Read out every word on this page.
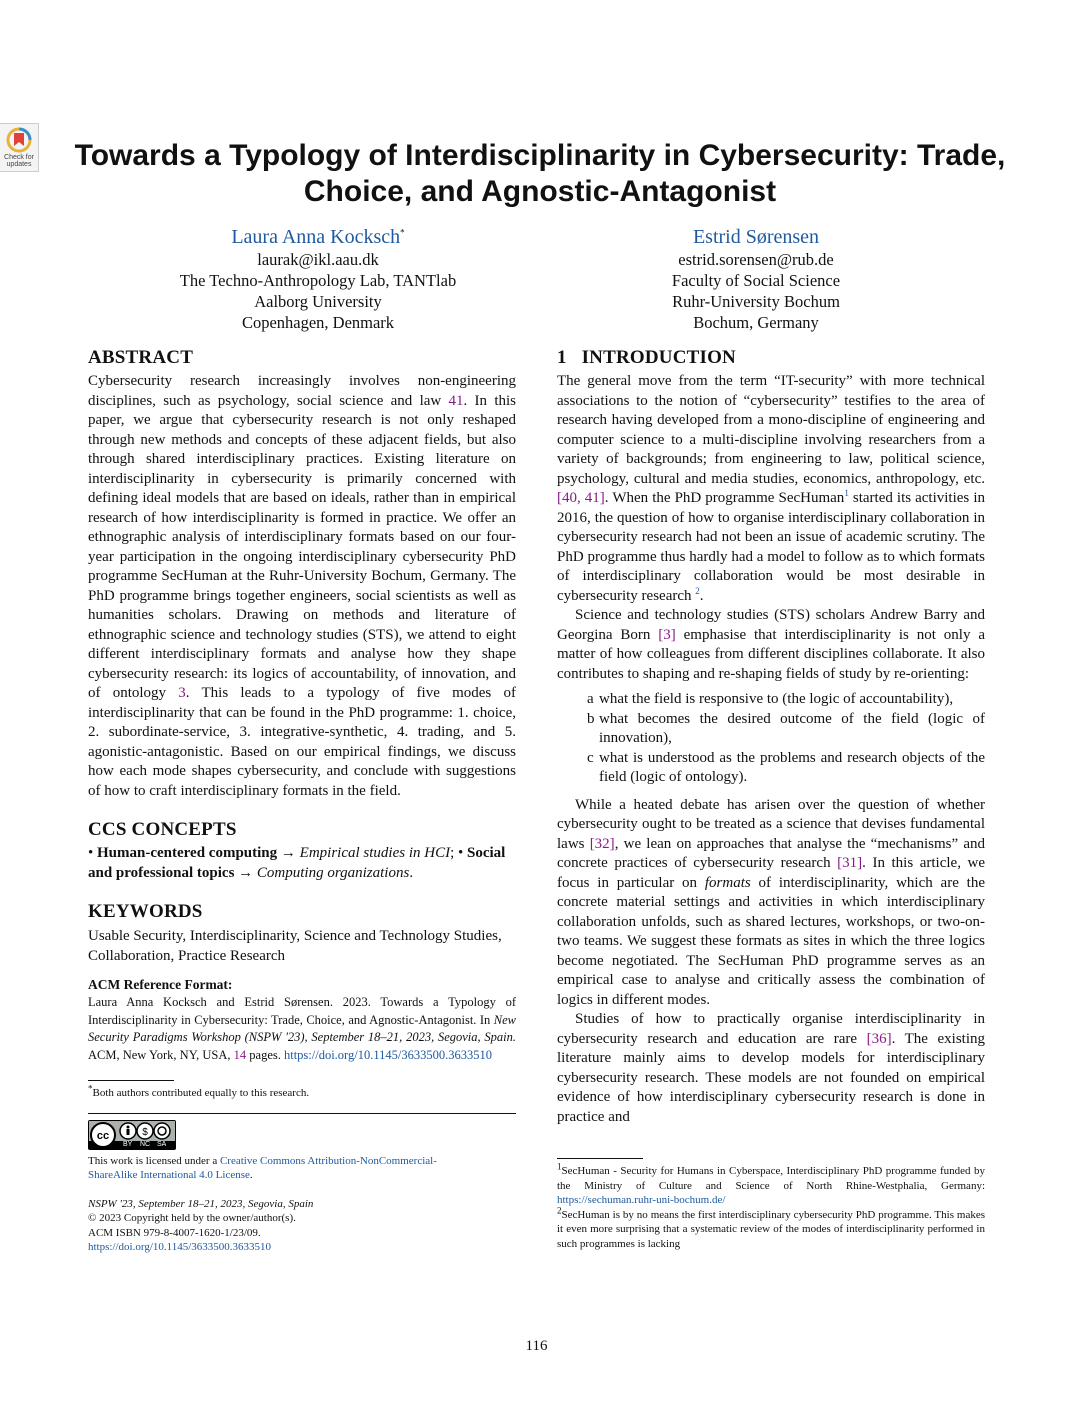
Check for updates	Towards a Typology of Interdisciplinarity in Cybersecurity: Trade,
Choice, and Agnostic-Antagonist
Laura Anna Kocksch*
laurak@ikl.aau.dk
The Techno-Anthropology Lab, TANTlab
Aalborg University
Copenhagen, Denmark
Estrid Sørensen
estrid.sorensen@rub.de
Faculty of Social Science
Ruhr-University Bochum
Bochum, Germany
ABSTRACT

Cybersecurity research increasingly involves non-engineering disciplines, such as psychology, social science and law 41. In this paper, we argue that cybersecurity research is not only reshaped through new methods and concepts of these adjacent fields, but also through shared interdisciplinary practices. Existing literature on interdisciplinarity in cybersecurity is primarily concerned with defining ideal models that are based on ideals, rather than in empirical research of how interdisciplinarity is formed in practice. We offer an ethnographic analysis of interdisciplinary formats based on our four-year participation in the ongoing interdisciplinary cybersecurity PhD programme SecHuman at the Ruhr-University Bochum, Germany. The PhD programme brings together engineers, social scientists as well as humanities scholars. Drawing on methods and literature of ethnographic science and technology studies (STS), we attend to eight different interdisciplinary formats and analyse how they shape cybersecurity research: its logics of accountability, of innovation, and of ontology 3. This leads to a typology of five modes of interdisciplinarity that can be found in the PhD programme: 1. choice, 2. subordinate-service, 3. integrative-synthetic, 4. trading, and 5. agonistic-antagonistic. Based on our empirical findings, we discuss how each mode shapes cybersecurity, and conclude with suggestions of how to craft interdisciplinary formats in the field.

CCS CONCEPTS

• Human-centered computing → Empirical studies in HCI; • Social and professional topics → Computing organizations.

KEYWORDS

Usable Security, Interdisciplinarity, Science and Technology Studies, Collaboration, Practice Research

ACM Reference Format:

Laura Anna Kocksch and Estrid Sørensen. 2023. Towards a Typology of Interdisciplinarity in Cybersecurity: Trade, Choice, and Agnostic-Antagonist. In New Security Paradigms Workshop (NSPW '23), September 18–21, 2023, Segovia, Spain. ACM, New York, NY, USA, 14 pages. https://doi.org/10.1145/3633500.3633510

*Both authors contributed equally to this research.
cc	$
BY NC SA

This work is licensed under a Creative Commons Attribution-NonCommercial-ShareAlike International 4.0 License.

NSPW '23, September 18–21, 2023, Segovia, Spain
© 2023 Copyright held by the owner/author(s).
ACM ISBN 979-8-4007-1620-1/23/09.
https://doi.org/10.1145/3633500.3633510
1 INTRODUCTION

The general move from the term “IT-security” with more technical associations to the notion of “cybersecurity” testifies to the area of research having developed from a mono-discipline of engineering and computer science to a multi-discipline involving researchers from a variety of backgrounds; from engineering to law, political science, psychology, cultural and media studies, economics, anthropology, etc. [40, 41]. When the PhD programme SecHuman$^1$ started its activities in 2016, the question of how to organise interdisciplinary collaboration in cybersecurity research had not been an issue of academic scrutiny. The PhD programme thus hardly had a model to follow as to which formats of interdisciplinary collaboration would be most desirable in cybersecurity research $^2$.

Science and technology studies (STS) scholars Andrew Barry and Georgina Born [3] emphasise that interdisciplinarity is not only a matter of how colleagues from different disciplines collaborate. It also contributes to shaping and re-shaping fields of study by re-orienting:

a what the field is responsive to (the logic of accountability),
b what becomes the desired outcome of the field (logic of innovation),
c what is understood as the problems and research objects of the field (logic of ontology).

While a heated debate has arisen over the question of whether cybersecurity ought to be treated as a science that devises fundamental laws [32], we lean on approaches that analyse the “mechanisms” and concrete practices of cybersecurity research [31]. In this article, we focus in particular on formats of interdisciplinarity, which are the concrete material settings and activities in which interdisciplinary collaboration unfolds, such as shared lectures, workshops, or two-on-two teams. We suggest these formats as sites in which the three logics become negotiated. The SecHuman PhD programme serves as an empirical case to analyse and critically assess the combination of logics in different modes.

Studies of how to practically organise interdisciplinarity in cybersecurity research and education are rare [36]. The existing literature mainly aims to develop models for interdisciplinary cybersecurity research. These models are not founded on empirical evidence of how interdisciplinary cybersecurity research is done in practice and

$^1$SecHuman - Security for Humans in Cyberspace, Interdisciplinary PhD programme funded by the Ministry of Culture and Science of North Rhine-Westphalia, Germany: https://sechuman.ruhr-uni-bochum.de/

$^2$SecHuman is by no means the first interdisciplinary cybersecurity PhD programme. This makes it even more surprising that a systematic review of the modes of interdisciplinarity performed in such programmes is lacking

116
